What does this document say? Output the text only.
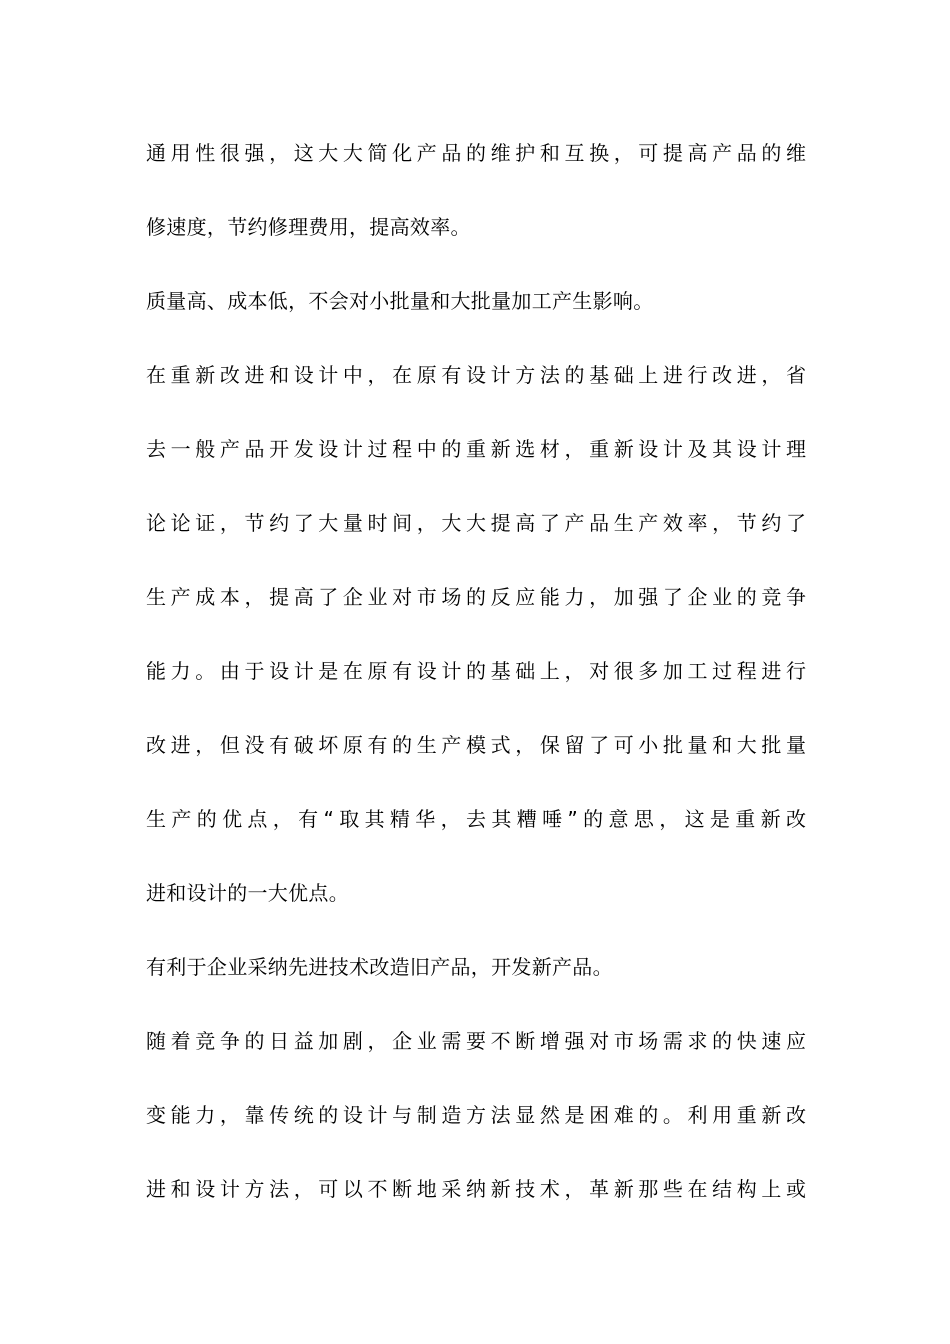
通用性很强，这大大简化产品的维护和互换，可提高产品的维
修速度，节约修理费用，提高效率。
质量高、成本低，不会对小批量和大批量加工产生影响。
在重新改进和设计中，在原有设计方法的基础上进行改进，省
去一般产品开发设计过程中的重新选材，重新设计及其设计理
论论证，节约了大量时间，大大提高了产品生产效率，节约了
生产成本，提高了企业对市场的反应能力，加强了企业的竞争
能力。由于设计是在原有设计的基础上，对很多加工过程进行
改进，但没有破坏原有的生产模式，保留了可小批量和大批量
生产的优点，有“取其精华，去其糟唾”的意思，这是重新改
进和设计的一大优点。
有利于企业采纳先进技术改造旧产品，开发新产品。
随着竞争的日益加剧，企业需要不断增强对市场需求的快速应
变能力，靠传统的设计与制造方法显然是困难的。利用重新改
进和设计方法，可以不断地采纳新技术，革新那些在结构上或
